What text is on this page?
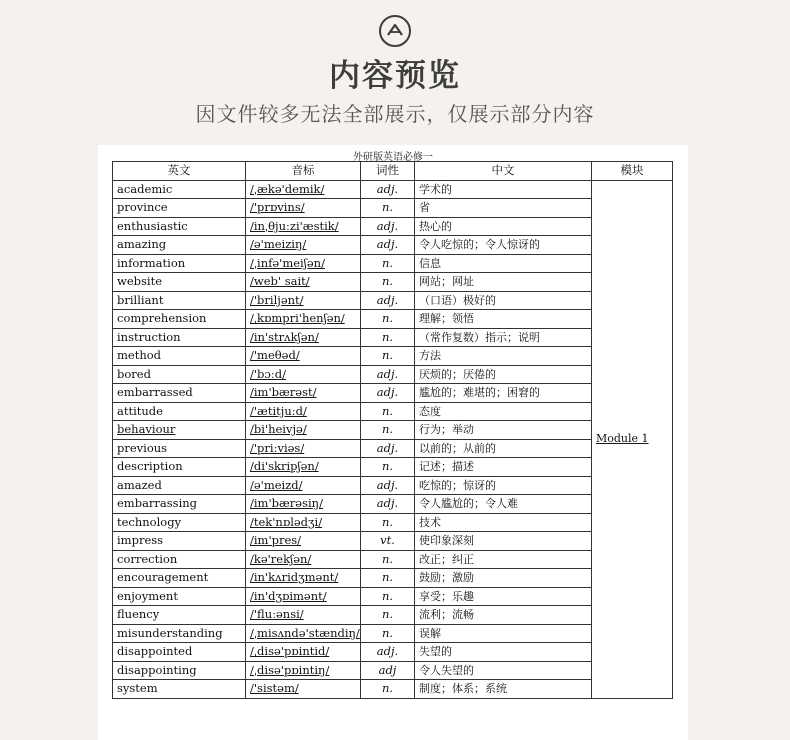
内容预览
因文件较多无法全部展示，仅展示部分内容
外研版英语必修一
英文	音标	词性	中文	模块
academic	/ˌækə'demik/	adj.	学术的	Module 1
province	/'prɒvins/	n.	省	
enthusiastic	/inˌθjuːzi'æstik/	adj.	热心的	
amazing	/ə'meiziŋ/	adj.	令人吃惊的；令人惊讶的	
information	/ˌinfə'meiʃən/	n.	信息	
website	/web' sait/	n.	网站；网址	
brilliant	/'briljənt/	adj.	（口语）极好的	
comprehension	/ˌkɒmpri'henʃən/	n.	理解；领悟	
instruction	/in'strʌkʃən/	n.	（常作复数）指示；说明	
method	/'meθəd/	n.	方法	
bored	/'bɔːd/	adj.	厌烦的；厌倦的	
embarrassed	/im'bærəst/	adj.	尴尬的；难堪的；困窘的	
attitude	/'ætitjuːd/	n.	态度	
behaviour	/bi'heivjə/	n.	行为；举动	
previous	/'priːviəs/	adj.	以前的；从前的	
description	/di'skripʃən/	n.	记述；描述	
amazed	/ə'meizd/	adj.	吃惊的；惊讶的	
embarrassing	/im'bærəsiŋ/	adj.	令人尴尬的；令人难	
technology	/tek'nɒlədʒi/	n.	技术	
impress	/im'pres/	vt.	使印象深刻	
correction	/kə'rekʃən/	n.	改正；纠正	
encouragement	/in'kʌridʒmənt/	n.	鼓励；激励	
enjoyment	/in'dʒɒimənt/	n.	享受；乐趣	
fluency	/'fluːənsi/	n.	流利；流畅	
misunderstanding	/ˌmisʌndə'stændiŋ/	n.	误解	
disappointed	/ˌdisə'pɒintid/	adj.	失望的	
disappointing	/ˌdisə'pɒintiŋ/	adj	令人失望的	
system	/'sistəm/	n.	制度；体系；系统	
